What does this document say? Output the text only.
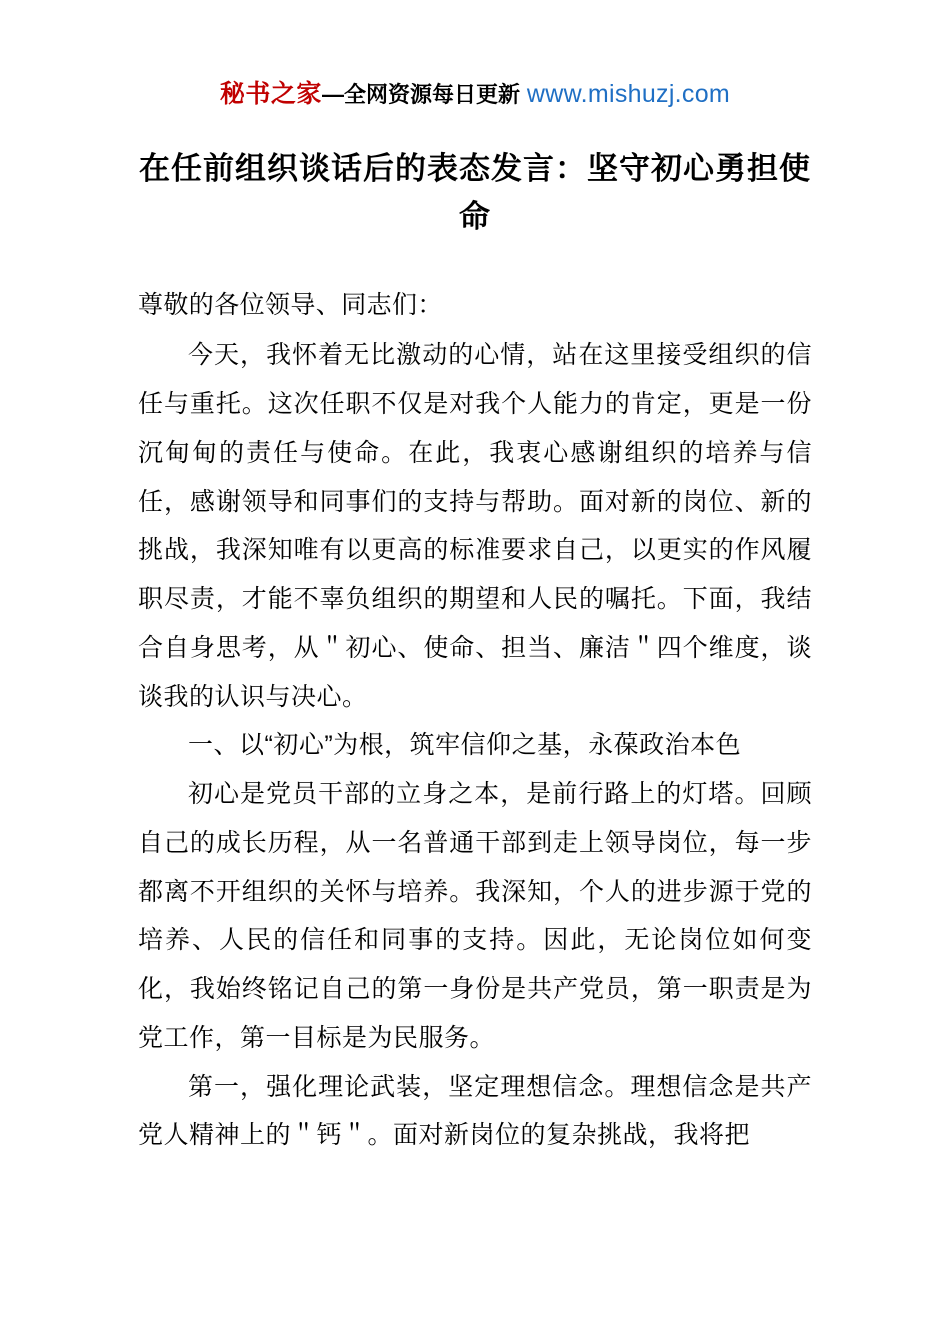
秘书之家—全网资源每日更新 www.mishuzj.com
在任前组织谈话后的表态发言：坚守初心勇担使命

尊敬的各位领导、同志们：

今天，我怀着无比激动的心情，站在这里接受组织的信任与重托。这次任职不仅是对我个人能力的肯定，更是一份沉甸甸的责任与使命。在此，我衷心感谢组织的培养与信任，感谢领导和同事们的支持与帮助。面对新的岗位、新的挑战，我深知唯有以更高的标准要求自己，以更实的作风履职尽责，才能不辜负组织的期望和人民的嘱托。下面，我结合自身思考，从＂初心、使命、担当、廉洁＂四个维度，谈谈我的认识与决心。

一、以“初心”为根，筑牢信仰之基，永葆政治本色

初心是党员干部的立身之本，是前行路上的灯塔。回顾自己的成长历程，从一名普通干部到走上领导岗位，每一步都离不开组织的关怀与培养。我深知，个人的进步源于党的培养、人民的信任和同事的支持。因此，无论岗位如何变化，我始终铭记自己的第一身份是共产党员，第一职责是为党工作，第一目标是为民服务。

第一，强化理论武装，坚定理想信念。理想信念是共产党人精神上的＂钙＂。面对新岗位的复杂挑战，我将把
